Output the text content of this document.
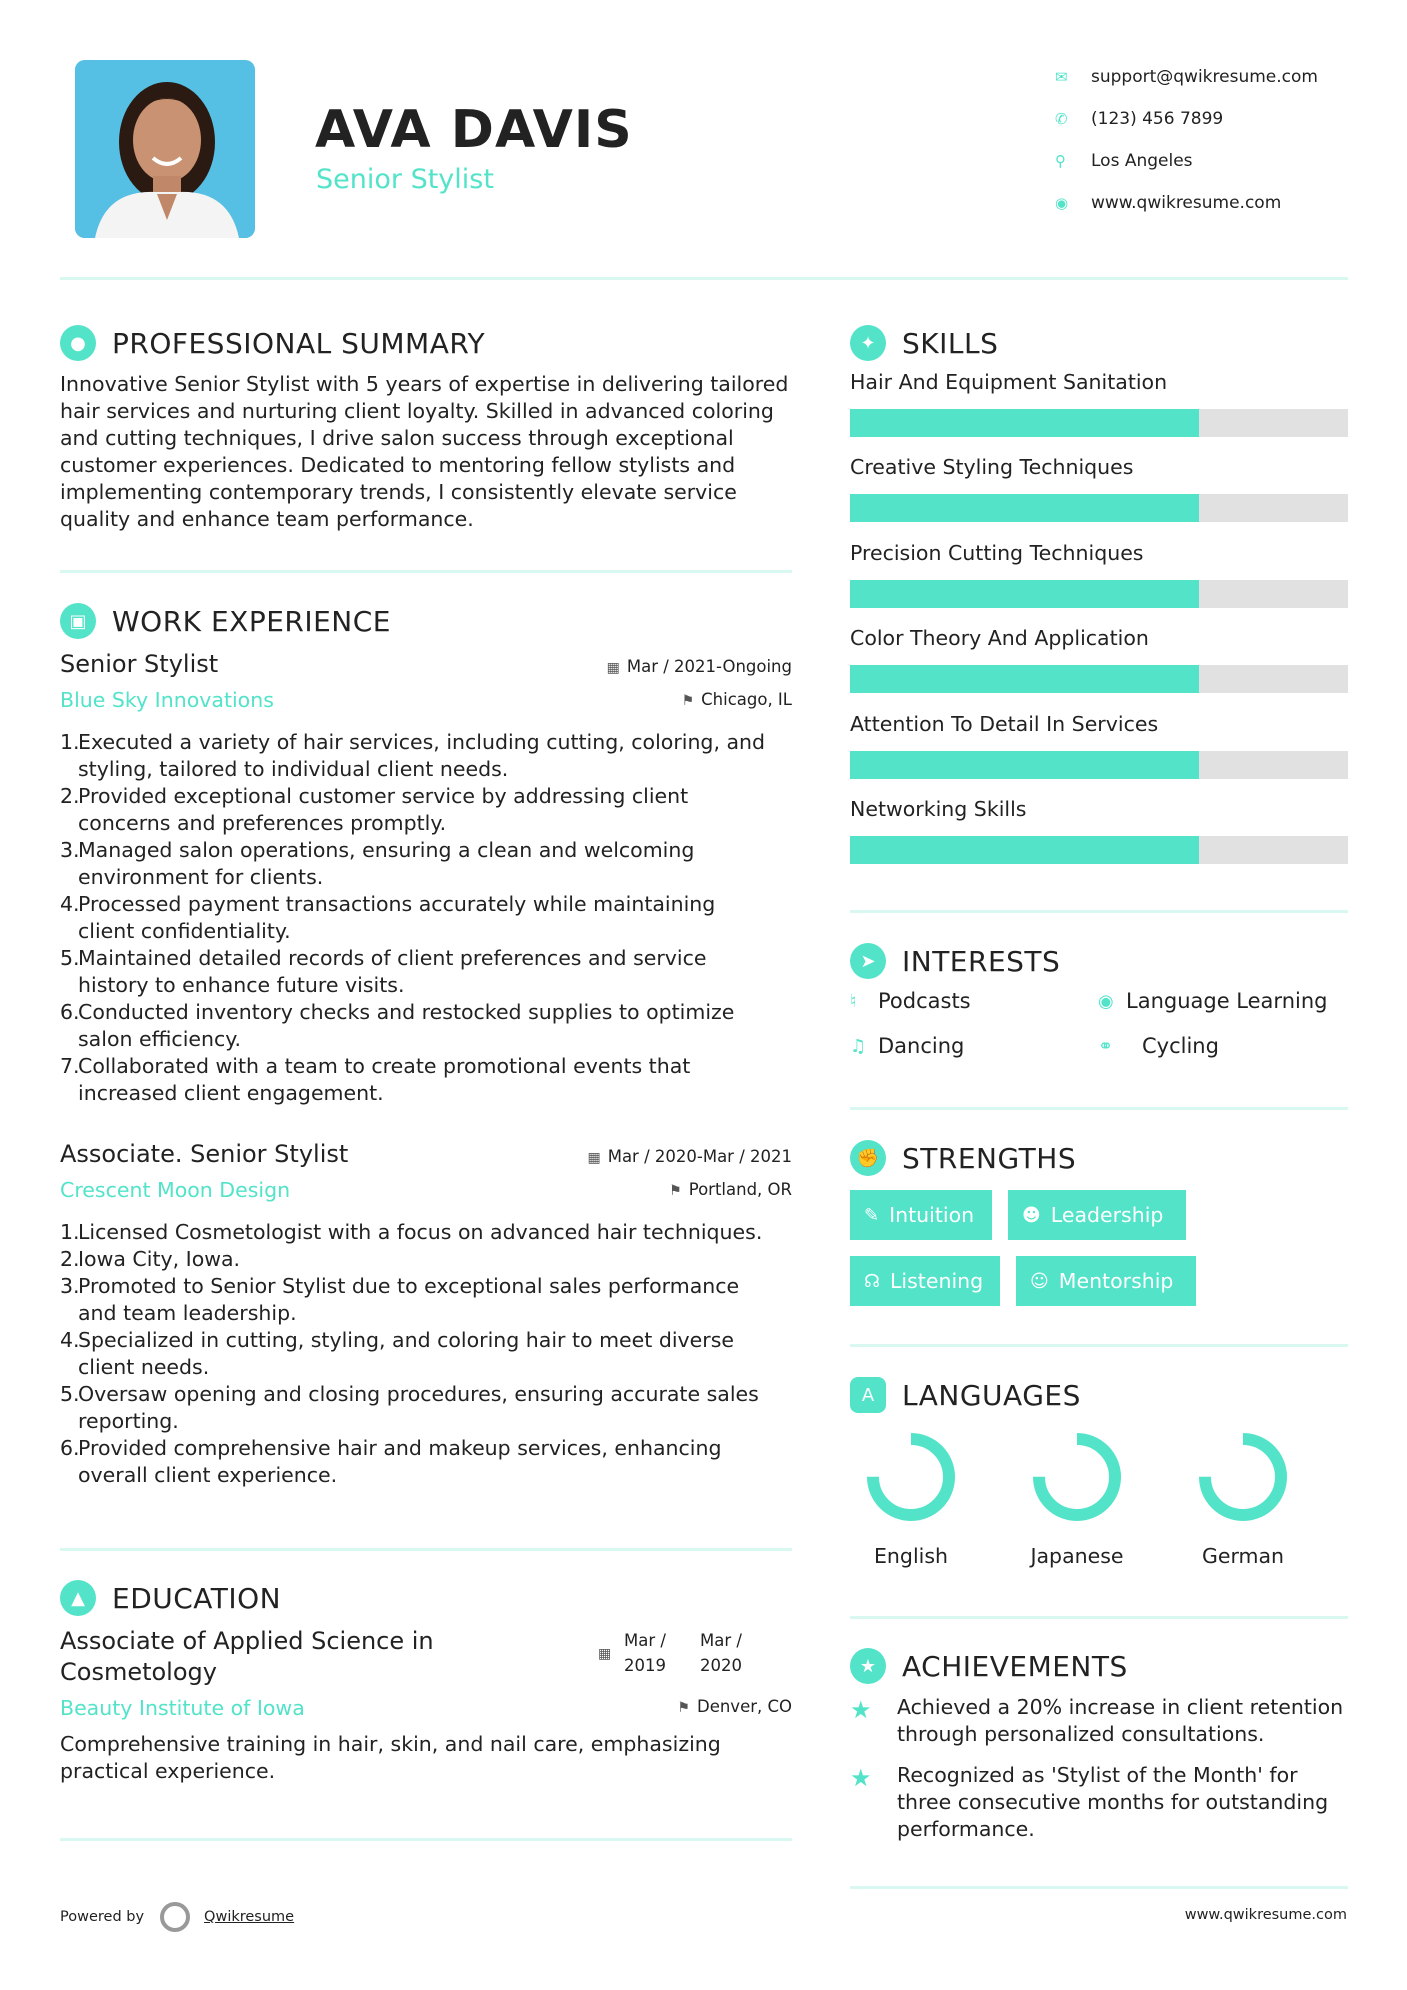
AVA DAVIS
Senior Stylist
✉	support@qwikresume.com
✆	(123) 456 7899
⚲	Los Angeles
◉	www.qwikresume.com
● PROFESSIONAL SUMMARY
Innovative Senior Stylist with 5 years of expertise in delivering tailored
hair services and nurturing client loyalty. Skilled in advanced coloring
and cutting techniques, I drive salon success through exceptional
customer experiences. Dedicated to mentoring fellow stylists and
implementing contemporary trends, I consistently elevate service
quality and enhance team performance.
▣ WORK EXPERIENCE
Senior Stylist	▦ Mar / 2021-Ongoing
Blue Sky Innovations	⚑ Chicago, IL
1.
Executed a variety of hair services, including cutting, coloring, and
styling, tailored to individual client needs.
2.
Provided exceptional customer service by addressing client
concerns and preferences promptly.
3.
Managed salon operations, ensuring a clean and welcoming
environment for clients.
4.
Processed payment transactions accurately while maintaining
client confidentiality.
5.
Maintained detailed records of client preferences and service
history to enhance future visits.
6.
Conducted inventory checks and restocked supplies to optimize
salon efficiency.
7.
Collaborated with a team to create promotional events that
increased client engagement.
Associate. Senior Stylist	▦ Mar / 2020-Mar / 2021
Crescent Moon Design	⚑ Portland, OR
1.
Licensed Cosmetologist with a focus on advanced hair techniques.
2.
Iowa City, Iowa.
3.
Promoted to Senior Stylist due to exceptional sales performance
and team leadership.
4.
Specialized in cutting, styling, and coloring hair to meet diverse
client needs.
5.
Oversaw opening and closing procedures, ensuring accurate sales
reporting.
6.
Provided comprehensive hair and makeup services, enhancing
overall client experience.
▲ EDUCATION
Associate of Applied Science in
Cosmetology
▦
Mar /
2019
Mar /
2020
Beauty Institute of Iowa	⚑ Denver, CO
Comprehensive training in hair, skin, and nail care, emphasizing
practical experience.
✦ SKILLS
Hair And Equipment Sanitation
Creative Styling Techniques
Precision Cutting Techniques
Color Theory And Application
Attention To Detail In Services
Networking Skills
➤ INTERESTS
♮	Podcasts	◉ Language Learning
♫ Dancing	⚭	Cycling
✊ STRENGTHS
✎ Intuition	☻ Leadership
☊ Listening	☺ Mentorship
A LANGUAGES
English	Japanese	German
★ ACHIEVEMENTS
★ Achieved a 20% increase in client retention
through personalized consultations.
★ Recognized as 'Stylist of the Month' for
three consecutive months for outstanding
performance.
Powered by	Qwikresume	www.qwikresume.com
